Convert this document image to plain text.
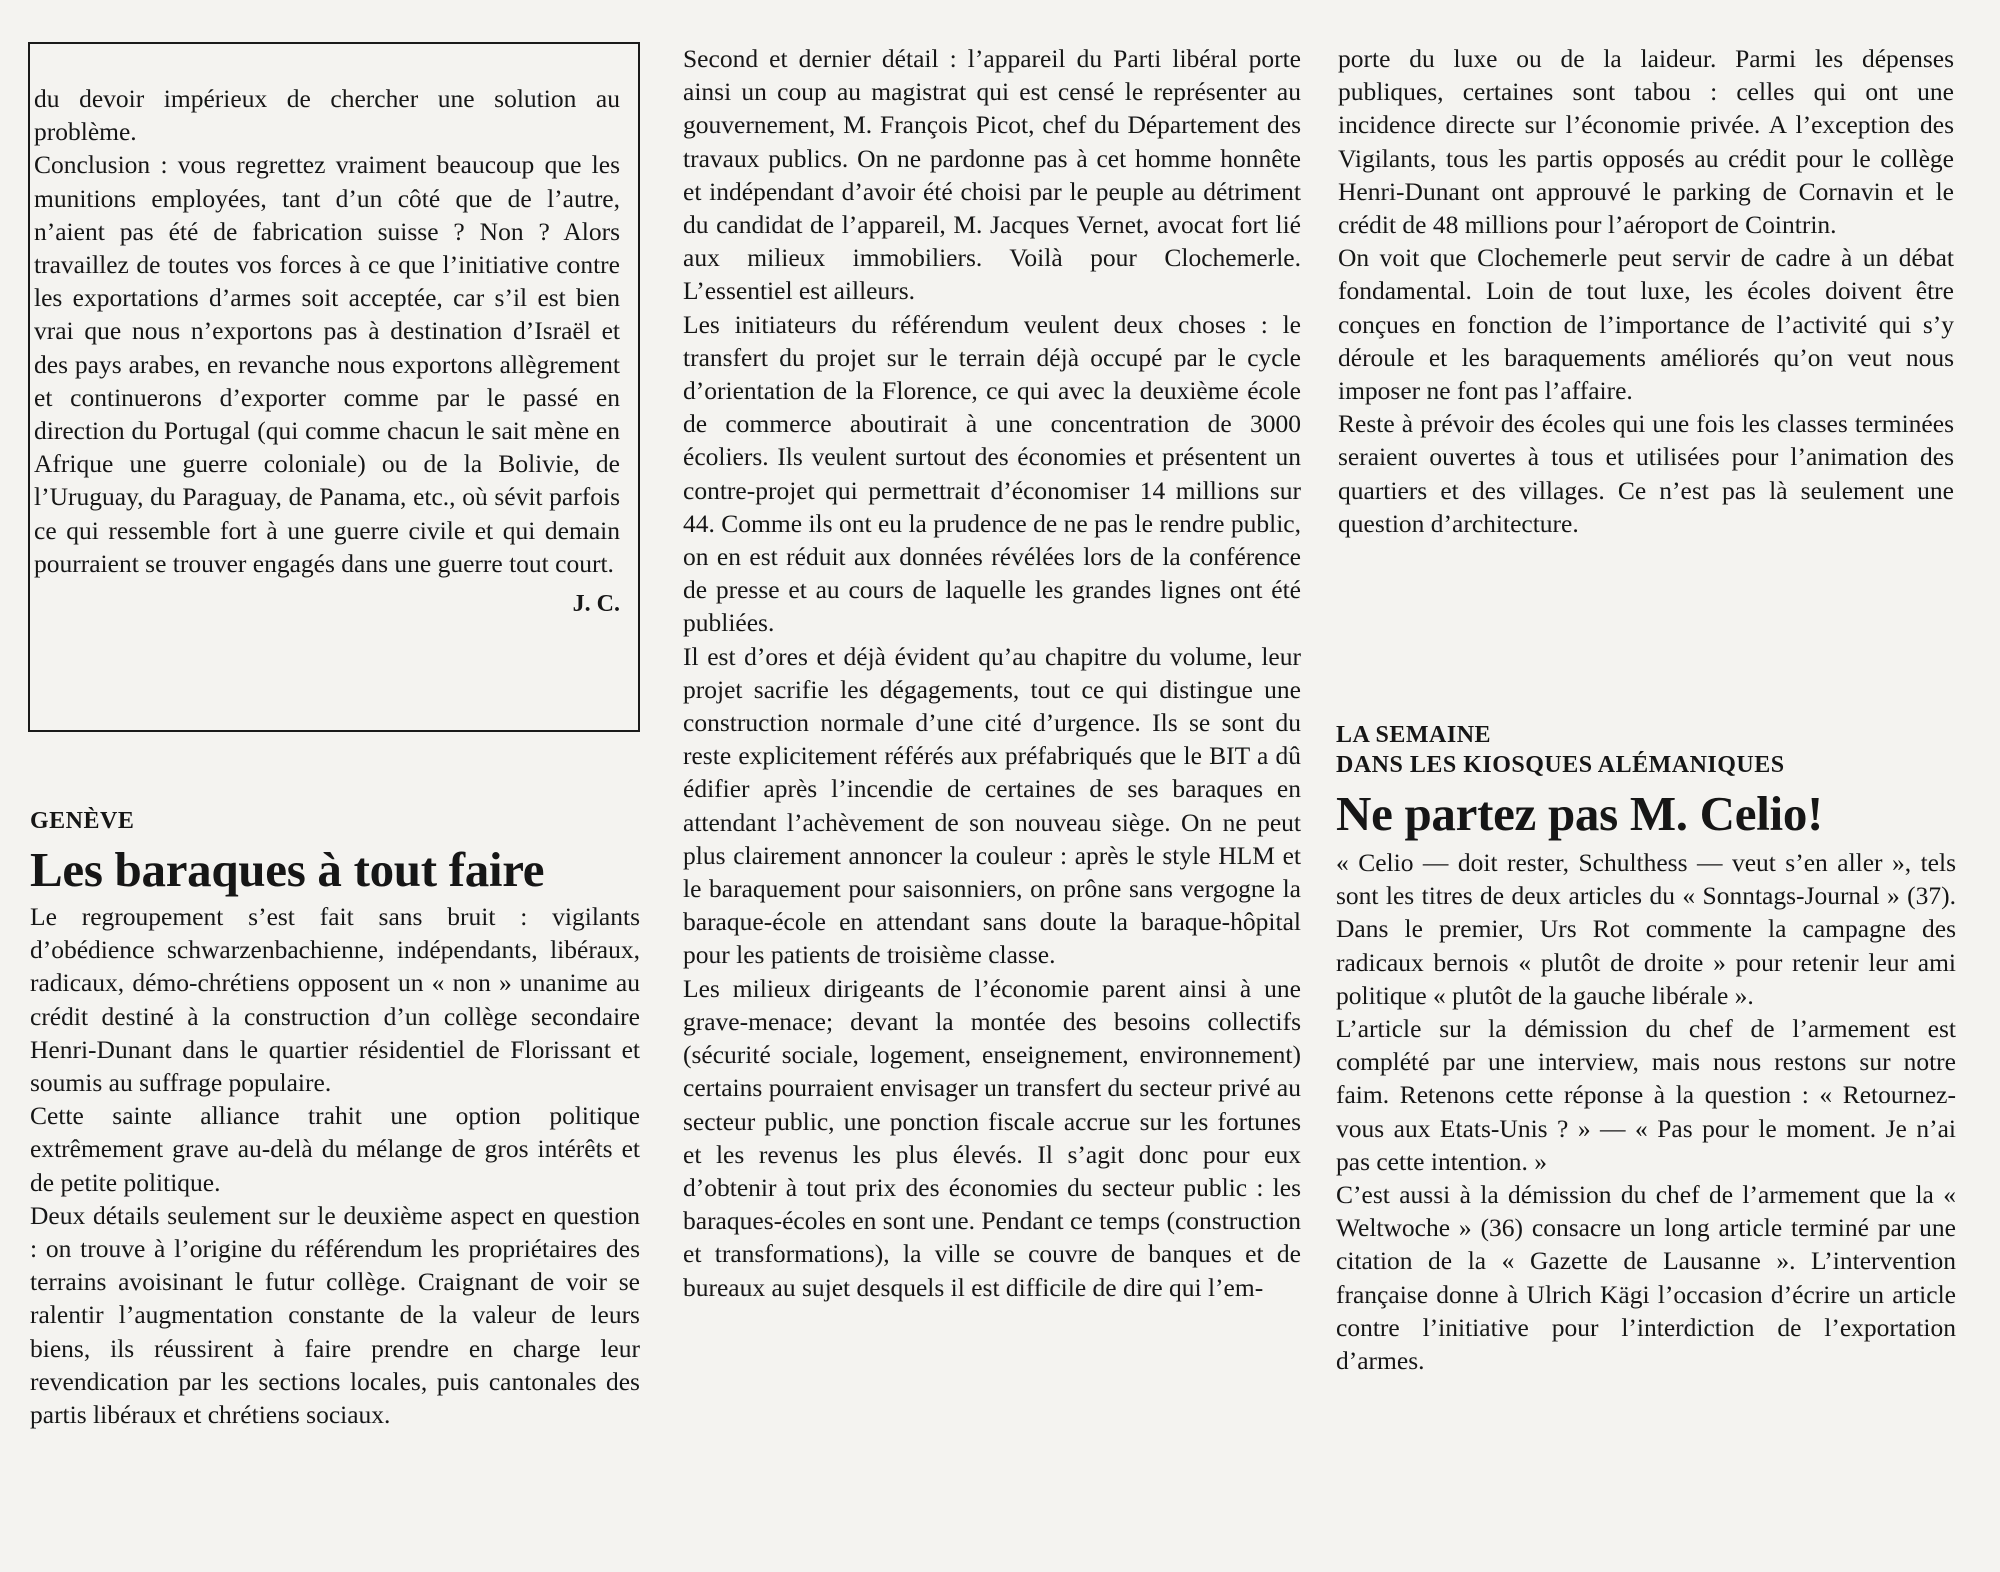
du devoir impérieux de chercher une solution au problème.

Conclusion : vous regrettez vraiment beaucoup que les munitions employées, tant d’un côté que de l’autre, n’aient pas été de fabrication suisse ? Non ? Alors travaillez de toutes vos forces à ce que l’initiative contre les exportations d’armes soit acceptée, car s’il est bien vrai que nous n’exportons pas à destination d’Israël et des pays arabes, en revanche nous exportons allègrement et continuerons d’exporter comme par le passé en direction du Portugal (qui comme chacun le sait mène en Afrique une guerre coloniale) ou de la Bolivie, de l’Uruguay, du Paraguay, de Panama, etc., où sévit parfois ce qui ressemble fort à une guerre civile et qui demain pourraient se trouver engagés dans une guerre tout court.

J. C.

GENÈVE
Les baraques à tout faire

Le regroupement s’est fait sans bruit : vigilants d’obédience schwarzenbachienne, indépendants, libéraux, radicaux, démo-chrétiens opposent un « non » unanime au crédit destiné à la construction d’un collège secondaire Henri-Dunant dans le quartier résidentiel de Florissant et soumis au suffrage populaire.

Cette sainte alliance trahit une option politique extrêmement grave au-delà du mélange de gros intérêts et de petite politique.

Deux détails seulement sur le deuxième aspect en question : on trouve à l’origine du référendum les propriétaires des terrains avoisinant le futur collège. Craignant de voir se ralentir l’augmentation constante de la valeur de leurs biens, ils réussirent à faire prendre en charge leur revendication par les sections locales, puis cantonales des partis libéraux et chrétiens sociaux.

Second et dernier détail : l’appareil du Parti libéral porte ainsi un coup au magistrat qui est censé le représenter au gouvernement, M. François Picot, chef du Département des travaux publics. On ne pardonne pas à cet homme honnête et indépendant d’avoir été choisi par le peuple au détriment du candidat de l’appareil, M. Jacques Vernet, avocat fort lié aux milieux immobiliers. Voilà pour Clochemerle. L’essentiel est ailleurs.

Les initiateurs du référendum veulent deux choses : le transfert du projet sur le terrain déjà occupé par le cycle d’orientation de la Florence, ce qui avec la deuxième école de commerce aboutirait à une concentration de 3000 écoliers. Ils veulent surtout des économies et présentent un contre-projet qui permettrait d’économiser 14 millions sur 44. Comme ils ont eu la prudence de ne pas le rendre public, on en est réduit aux données révélées lors de la conférence de presse et au cours de laquelle les grandes lignes ont été publiées.

Il est d’ores et déjà évident qu’au chapitre du volume, leur projet sacrifie les dégagements, tout ce qui distingue une construction normale d’une cité d’urgence. Ils se sont du reste explicitement référés aux préfabriqués que le BIT a dû édifier après l’incendie de certaines de ses baraques en attendant l’achèvement de son nouveau siège. On ne peut plus clairement annoncer la couleur : après le style HLM et le baraquement pour saisonniers, on prône sans vergogne la baraque-école en attendant sans doute la baraque-hôpital pour les patients de troisième classe.

Les milieux dirigeants de l’économie parent ainsi à une grave-menace; devant la montée des besoins collectifs (sécurité sociale, logement, enseignement, environnement) certains pourraient envisager un transfert du secteur privé au secteur public, une ponction fiscale accrue sur les fortunes et les revenus les plus élevés. Il s’agit donc pour eux d’obtenir à tout prix des économies du secteur public : les baraques-écoles en sont une. Pendant ce temps (construction et transformations), la ville se couvre de banques et de bureaux au sujet desquels il est difficile de dire qui l’em-

porte du luxe ou de la laideur. Parmi les dépenses publiques, certaines sont tabou : celles qui ont une incidence directe sur l’économie privée. A l’exception des Vigilants, tous les partis opposés au crédit pour le collège Henri-Dunant ont approuvé le parking de Cornavin et le crédit de 48 millions pour l’aéroport de Cointrin.

On voit que Clochemerle peut servir de cadre à un débat fondamental. Loin de tout luxe, les écoles doivent être conçues en fonction de l’importance de l’activité qui s’y déroule et les baraquements améliorés qu’on veut nous imposer ne font pas l’affaire.

Reste à prévoir des écoles qui une fois les classes terminées seraient ouvertes à tous et utilisées pour l’animation des quartiers et des villages. Ce n’est pas là seulement une question d’architecture.

LA SEMAINE
DANS LES KIOSQUES ALÉMANIQUES
Ne partez pas M. Celio!

« Celio — doit rester, Schulthess — veut s’en aller », tels sont les titres de deux articles du « Sonntags-Journal » (37). Dans le premier, Urs Rot commente la campagne des radicaux bernois « plutôt de droite » pour retenir leur ami politique « plutôt de la gauche libérale ».

L’article sur la démission du chef de l’armement est complété par une interview, mais nous restons sur notre faim. Retenons cette réponse à la question : « Retournez-vous aux Etats-Unis ? » — « Pas pour le moment. Je n’ai pas cette intention. »

C’est aussi à la démission du chef de l’armement que la « Weltwoche » (36) consacre un long article terminé par une citation de la « Gazette de Lausanne ». L’intervention française donne à Ulrich Kägi l’occasion d’écrire un article contre l’initiative pour l’interdiction de l’exportation d’armes.
